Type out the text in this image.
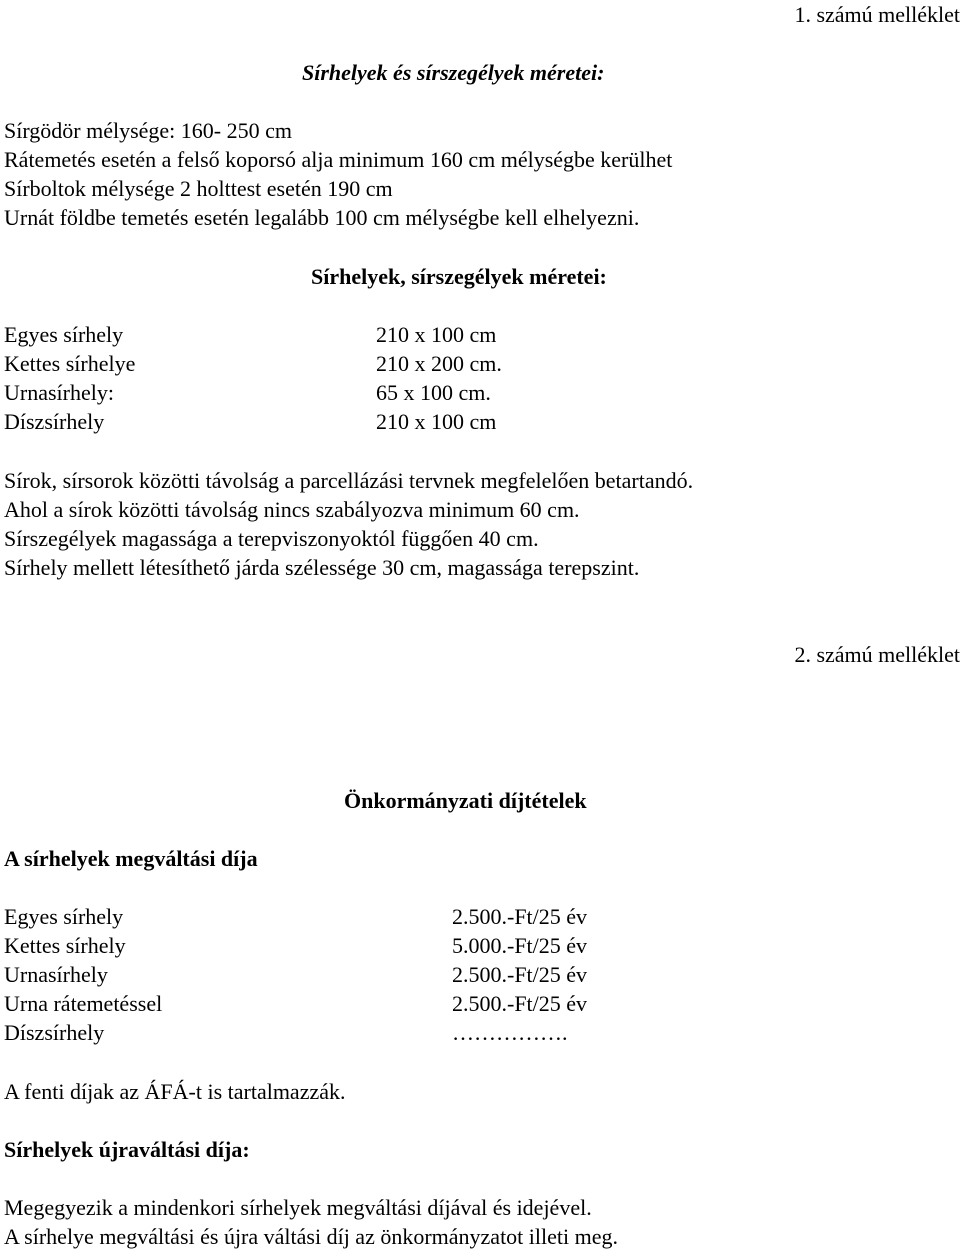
1. számú melléklet
Sírhelyek és sírszegélyek méretei:
Sírgödör mélysége: 160- 250 cm
Rátemetés esetén a felső koporsó alja minimum 160 cm mélységbe kerülhet
Sírboltok mélysége 2 holttest esetén 190 cm
Urnát földbe temetés esetén legalább 100 cm mélységbe kell elhelyezni.
Sírhelyek, sírszegélyek méretei:
Egyes sírhely	210 x 100 cm
Kettes sírhelye	210 x 200 cm.
Urnasírhely:	65 x 100 cm.
Díszsírhely	210 x 100 cm
Sírok, sírsorok közötti távolság a parcellázási tervnek megfelelően betartandó.
Ahol a sírok közötti távolság nincs szabályozva minimum 60 cm.
Sírszegélyek magassága a terepviszonyoktól függően 40 cm.
Sírhely mellett létesíthető járda szélessége 30 cm, magassága terepszint.
2. számú melléklet
Önkormányzati díjtételek
A sírhelyek megváltási díja
Egyes sírhely	2.500.-Ft/25 év
Kettes sírhely	5.000.-Ft/25 év
Urnasírhely	2.500.-Ft/25 év
Urna rátemetéssel	2.500.-Ft/25 év
Díszsírhely	…………….
A fenti díjak az ÁFÁ-t is tartalmazzák.
Sírhelyek újraváltási díja:
Megegyezik a mindenkori sírhelyek megváltási díjával és idejével.
A sírhelye megváltási és újra váltási díj az önkormányzatot illeti meg.
